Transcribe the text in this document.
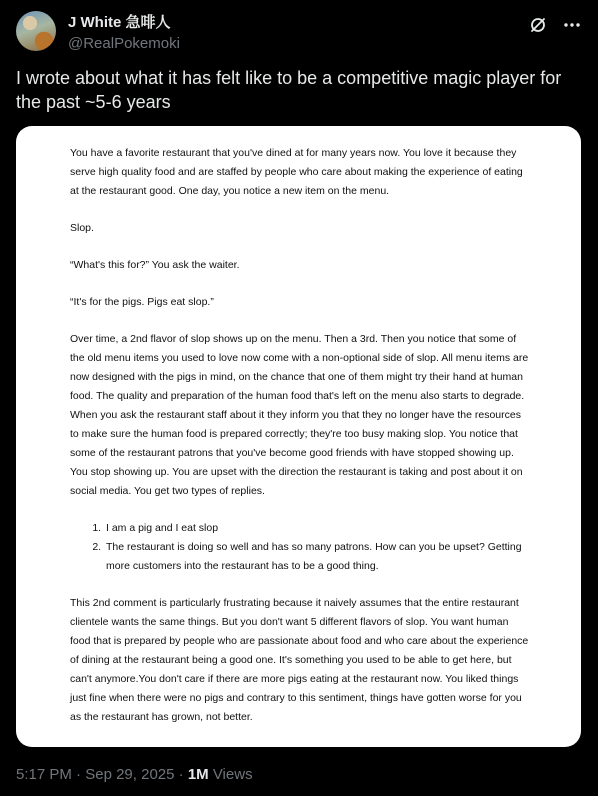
J White 急啡人
@RealPokemoki
I wrote about what it has felt like to be a competitive magic player for the past ~5-6 years

You have a favorite restaurant that you've dined at for many years now. You love it because they serve high quality food and are staffed by people who care about making the experience of eating at the restaurant good. One day, you notice a new item on the menu.

Slop.

“What's this for?” You ask the waiter.

“It's for the pigs. Pigs eat slop.”

Over time, a 2nd flavor of slop shows up on the menu. Then a 3rd. Then you notice that some of the old menu items you used to love now come with a non-optional side of slop. All menu items are now designed with the pigs in mind, on the chance that one of them might try their hand at human food. The quality and preparation of the human food that's left on the menu also starts to degrade. When you ask the restaurant staff about it they inform you that they no longer have the resources to make sure the human food is prepared correctly; they're too busy making slop. You notice that some of the restaurant patrons that you've become good friends with have stopped showing up. You stop showing up. You are upset with the direction the restaurant is taking and post about it on social media. You get two types of replies.

1. I am a pig and I eat slop
2. The restaurant is doing so well and has so many patrons. How can you be upset? Getting more customers into the restaurant has to be a good thing.

This 2nd comment is particularly frustrating because it naively assumes that the entire restaurant clientele wants the same things. But you don't want 5 different flavors of slop. You want human food that is prepared by people who are passionate about food and who care about the experience of dining at the restaurant being a good one. It's something you used to be able to get here, but can't anymore.You don't care if there are more pigs eating at the restaurant now. You liked things just fine when there were no pigs and contrary to this sentiment, things have gotten worse for you as the restaurant has grown, not better.

5:17 PM · Sep 29, 2025 · 1M Views
